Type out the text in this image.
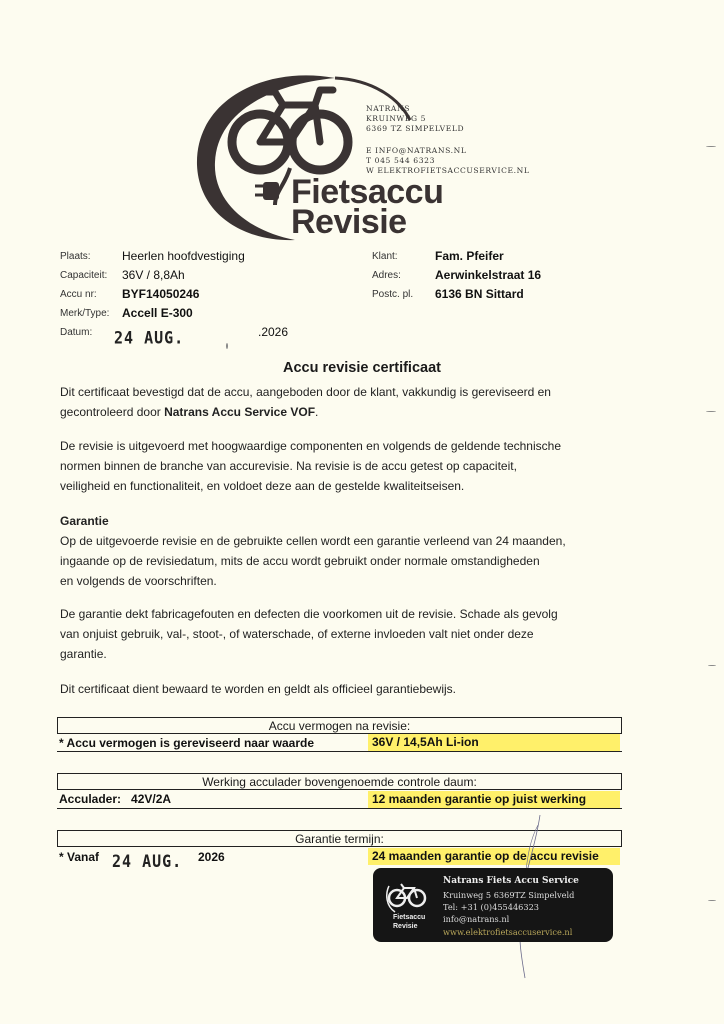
Fietsaccu
Revisie
NATRANS
KRUINWEG 5
6369 TZ SIMPELVELD
E INFO@NATRANS.NL
T 045 544 6323
W ELEKTROFIETSACCUSERVICE.NL
Plaats:	Heerlen hoofdvestiging
Capaciteit: 36V / 8,8Ah
Accu nr: BYF14050246
Merk/Type: Accell E-300
Datum: 24 AUG.	.2026
Klant:	Fam. Pfeifer
Adres:	Aerwinkelstraat 16
Postc. pl. 6136 BN Sittard
Accu revisie certificaat
Dit certificaat bevestigd dat de accu, aangeboden door de klant, vakkundig is gereviseerd en
gecontroleerd door Natrans Accu Service VOF.
De revisie is uitgevoerd met hoogwaardige componenten en volgends de geldende technische
normen binnen de branche van accurevisie. Na revisie is de accu getest op capaciteit,
veiligheid en functionaliteit, en voldoet deze aan de gestelde kwaliteitseisen.
Garantie
Op de uitgevoerde revisie en de gebruikte cellen wordt een garantie verleend van 24 maanden,
ingaande op de revisiedatum, mits de accu wordt gebruikt onder normale omstandigheden
en volgends de voorschriften.
De garantie dekt fabricagefouten en defecten die voorkomen uit de revisie. Schade als gevolg
van onjuist gebruik, val-, stoot-, of waterschade, of externe invloeden valt niet onder deze
garantie.
Dit certificaat dient bewaard te worden en geldt als officieel garantiebewijs.
Accu vermogen na revisie:
* Accu vermogen is gereviseerd naar waarde	36V / 14,5Ah Li-ion
Werking acculader bovengenoemde controle daum:
Acculader:   42V/2A	12 maanden garantie op juist werking
Garantie termijn:
* Vanaf 24 AUG. 2026	24 maanden garantie op de accu revisie
Fietsaccu
Revisie
Natrans Fiets Accu Service
Kruinweg 5 6369TZ Simpelveld
Tel: +31 (0)455446323
info@natrans.nl
www.elektrofietsaccuservice.nl
